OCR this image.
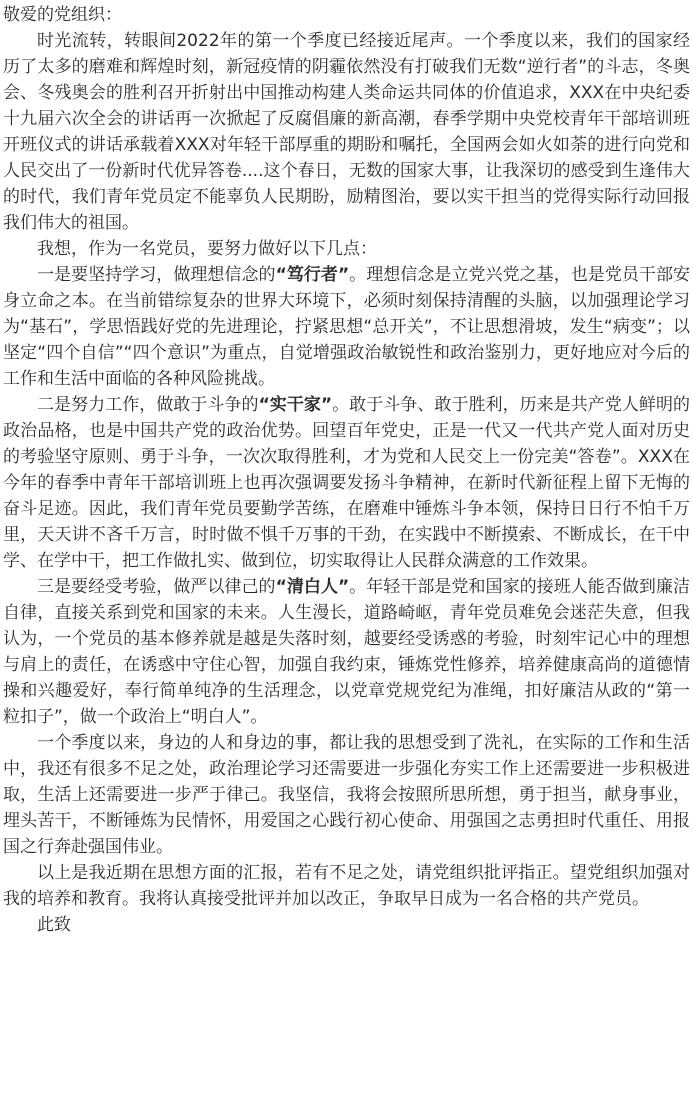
敬爱的党组织：

时光流转，转眼间2022年的第一个季度已经接近尾声。一个季度以来，我们的国家经历了太多的磨难和辉煌时刻，新冠疫情的阴霾依然没有打破我们无数“逆行者”的斗志，冬奥会、冬残奥会的胜利召开折射出中国推动构建人类命运共同体的价值追求，XXX在中央纪委十九届六次全会的讲话再一次掀起了反腐倡廉的新高潮，春季学期中央党校青年干部培训班开班仪式的讲话承载着XXX对年轻干部厚重的期盼和嘱托，全国两会如火如荼的进行向党和人民交出了一份新时代优异答卷....这个春日，无数的国家大事，让我深切的感受到生逢伟大的时代，我们青年党员定不能辜负人民期盼，励精图治，要以实干担当的党得实际行动回报我们伟大的祖国。

我想，作为一名党员，要努力做好以下几点：

一是要坚持学习，做理想信念的“笃行者”。理想信念是立党兴党之基，也是党员干部安身立命之本。在当前错综复杂的世界大环境下，必须时刻保持清醒的头脑，以加强理论学习为“基石”，学思悟践好党的先进理论，拧紧思想“总开关”，不让思想滑坡，发生“病变”；以坚定“四个自信”“四个意识”为重点，自觉增强政治敏锐性和政治鉴别力，更好地应对今后的工作和生活中面临的各种风险挑战。

二是努力工作，做敢于斗争的“实干家”。敢于斗争、敢于胜利，历来是共产党人鲜明的政治品格，也是中国共产党的政治优势。回望百年党史，正是一代又一代共产党人面对历史的考验坚守原则、勇于斗争，一次次取得胜利，才为党和人民交上一份完美“答卷”。XXX在今年的春季中青年干部培训班上也再次强调要发扬斗争精神，在新时代新征程上留下无悔的奋斗足迹。因此，我们青年党员要勤学苦练，在磨难中锤炼斗争本领，保持日日行不怕千万里，天天讲不吝千万言，时时做不惧千万事的干劲，在实践中不断摸索、不断成长，在干中学、在学中干，把工作做扎实、做到位，切实取得让人民群众满意的工作效果。

三是要经受考验，做严以律己的“清白人”。年轻干部是党和国家的接班人能否做到廉洁自律，直接关系到党和国家的未来。人生漫长，道路崎岖，青年党员难免会迷茫失意，但我认为，一个党员的基本修养就是越是失落时刻，越要经受诱惑的考验，时刻牢记心中的理想与肩上的责任，在诱惑中守住心智，加强自我约束，锤炼党性修养，培养健康高尚的道德情操和兴趣爱好，奉行简单纯净的生活理念，以党章党规党纪为准绳，扣好廉洁从政的“第一粒扣子”，做一个政治上“明白人”。

一个季度以来，身边的人和身边的事，都让我的思想受到了洗礼，在实际的工作和生活中，我还有很多不足之处，政治理论学习还需要进一步强化夯实工作上还需要进一步积极进取，生活上还需要进一步严于律己。我坚信，我将会按照所思所想，勇于担当，献身事业，埋头苦干，不断锤炼为民情怀，用爱国之心践行初心使命、用强国之志勇担时代重任、用报国之行奔赴强国伟业。

以上是我近期在思想方面的汇报，若有不足之处，请党组织批评指正。望党组织加强对我的培养和教育。我将认真接受批评并加以改正，争取早日成为一名合格的共产党员。

此致
